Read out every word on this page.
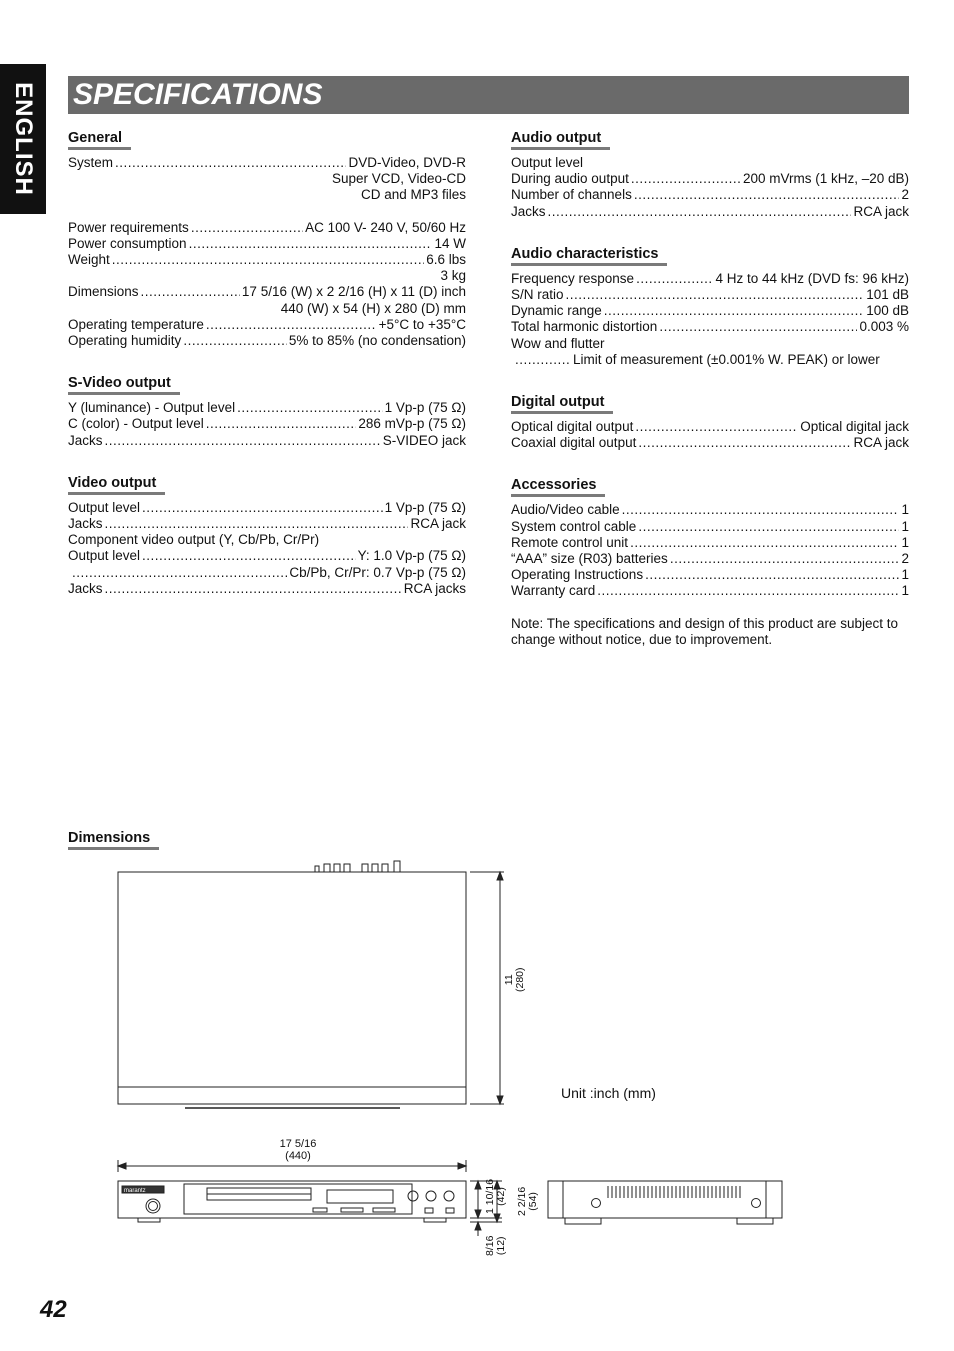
ENGLISH SPECIFICATIONS
General
System .....	DVD-Video, DVD-R
Super VCD, Video-CD
CD and MP3 files
Power requirements .....	AC 100 V- 240 V, 50/60 Hz
Power consumption .....	14 W
Weight .....	6.6 lbs
3 kg
Dimensions .....	17 5/16 (W) x 2 2/16 (H) x 11 (D) inch
440 (W) x 54 (H) x 280 (D) mm
Operating temperature .....	+5°C to +35°C
Operating humidity .....	5% to 85% (no condensation)
S-Video output
Y (luminance) - Output level .....	1 Vp-p (75 Ω)
C (color) - Output level .....	286 mVp-p (75 Ω)
Jacks .....	S-VIDEO jack
Video output
Output level .....	1 Vp-p (75 Ω)
Jacks .....	RCA jack
Component video output (Y, Cb/Pb, Cr/Pr)
Output level .....	Y: 1.0 Vp-p (75 Ω)
.....
Cb/Pb, Cr/Pr: 0.7 Vp-p (75 Ω)
Jacks .....	RCA jacks
Audio output
Output level
During audio output .....	200 mVrms (1 kHz, –20 dB)
Number of channels .....	2
Jacks .....	RCA jack
Audio characteristics
Frequency response .....	4 Hz to 44 kHz (DVD fs: 96 kHz)
S/N ratio .....	101 dB
Dynamic range .....	100 dB
Total harmonic distortion .....	0.003 %
Wow and flutter
.....
Limit of measurement (±0.001% W. PEAK) or lower
Digital output
Optical digital output .....	Optical digital jack
Coaxial digital output .....	RCA jack
Accessories
Audio/Video cable .....	1
System control cable .....	1
Remote control unit .....	1
“AAA” size (R03) batteries .....	2
Operating Instructions .....	1
Warranty card .....	1
Note: The specifications and design of this product are subject to change without notice, due to improvement.
Dimensions
marantz
11 (280)
17 5/16
(440)
1 10/16 (42) 2 2/16 (54)
8/16 (12)
Unit :inch (mm)
42
